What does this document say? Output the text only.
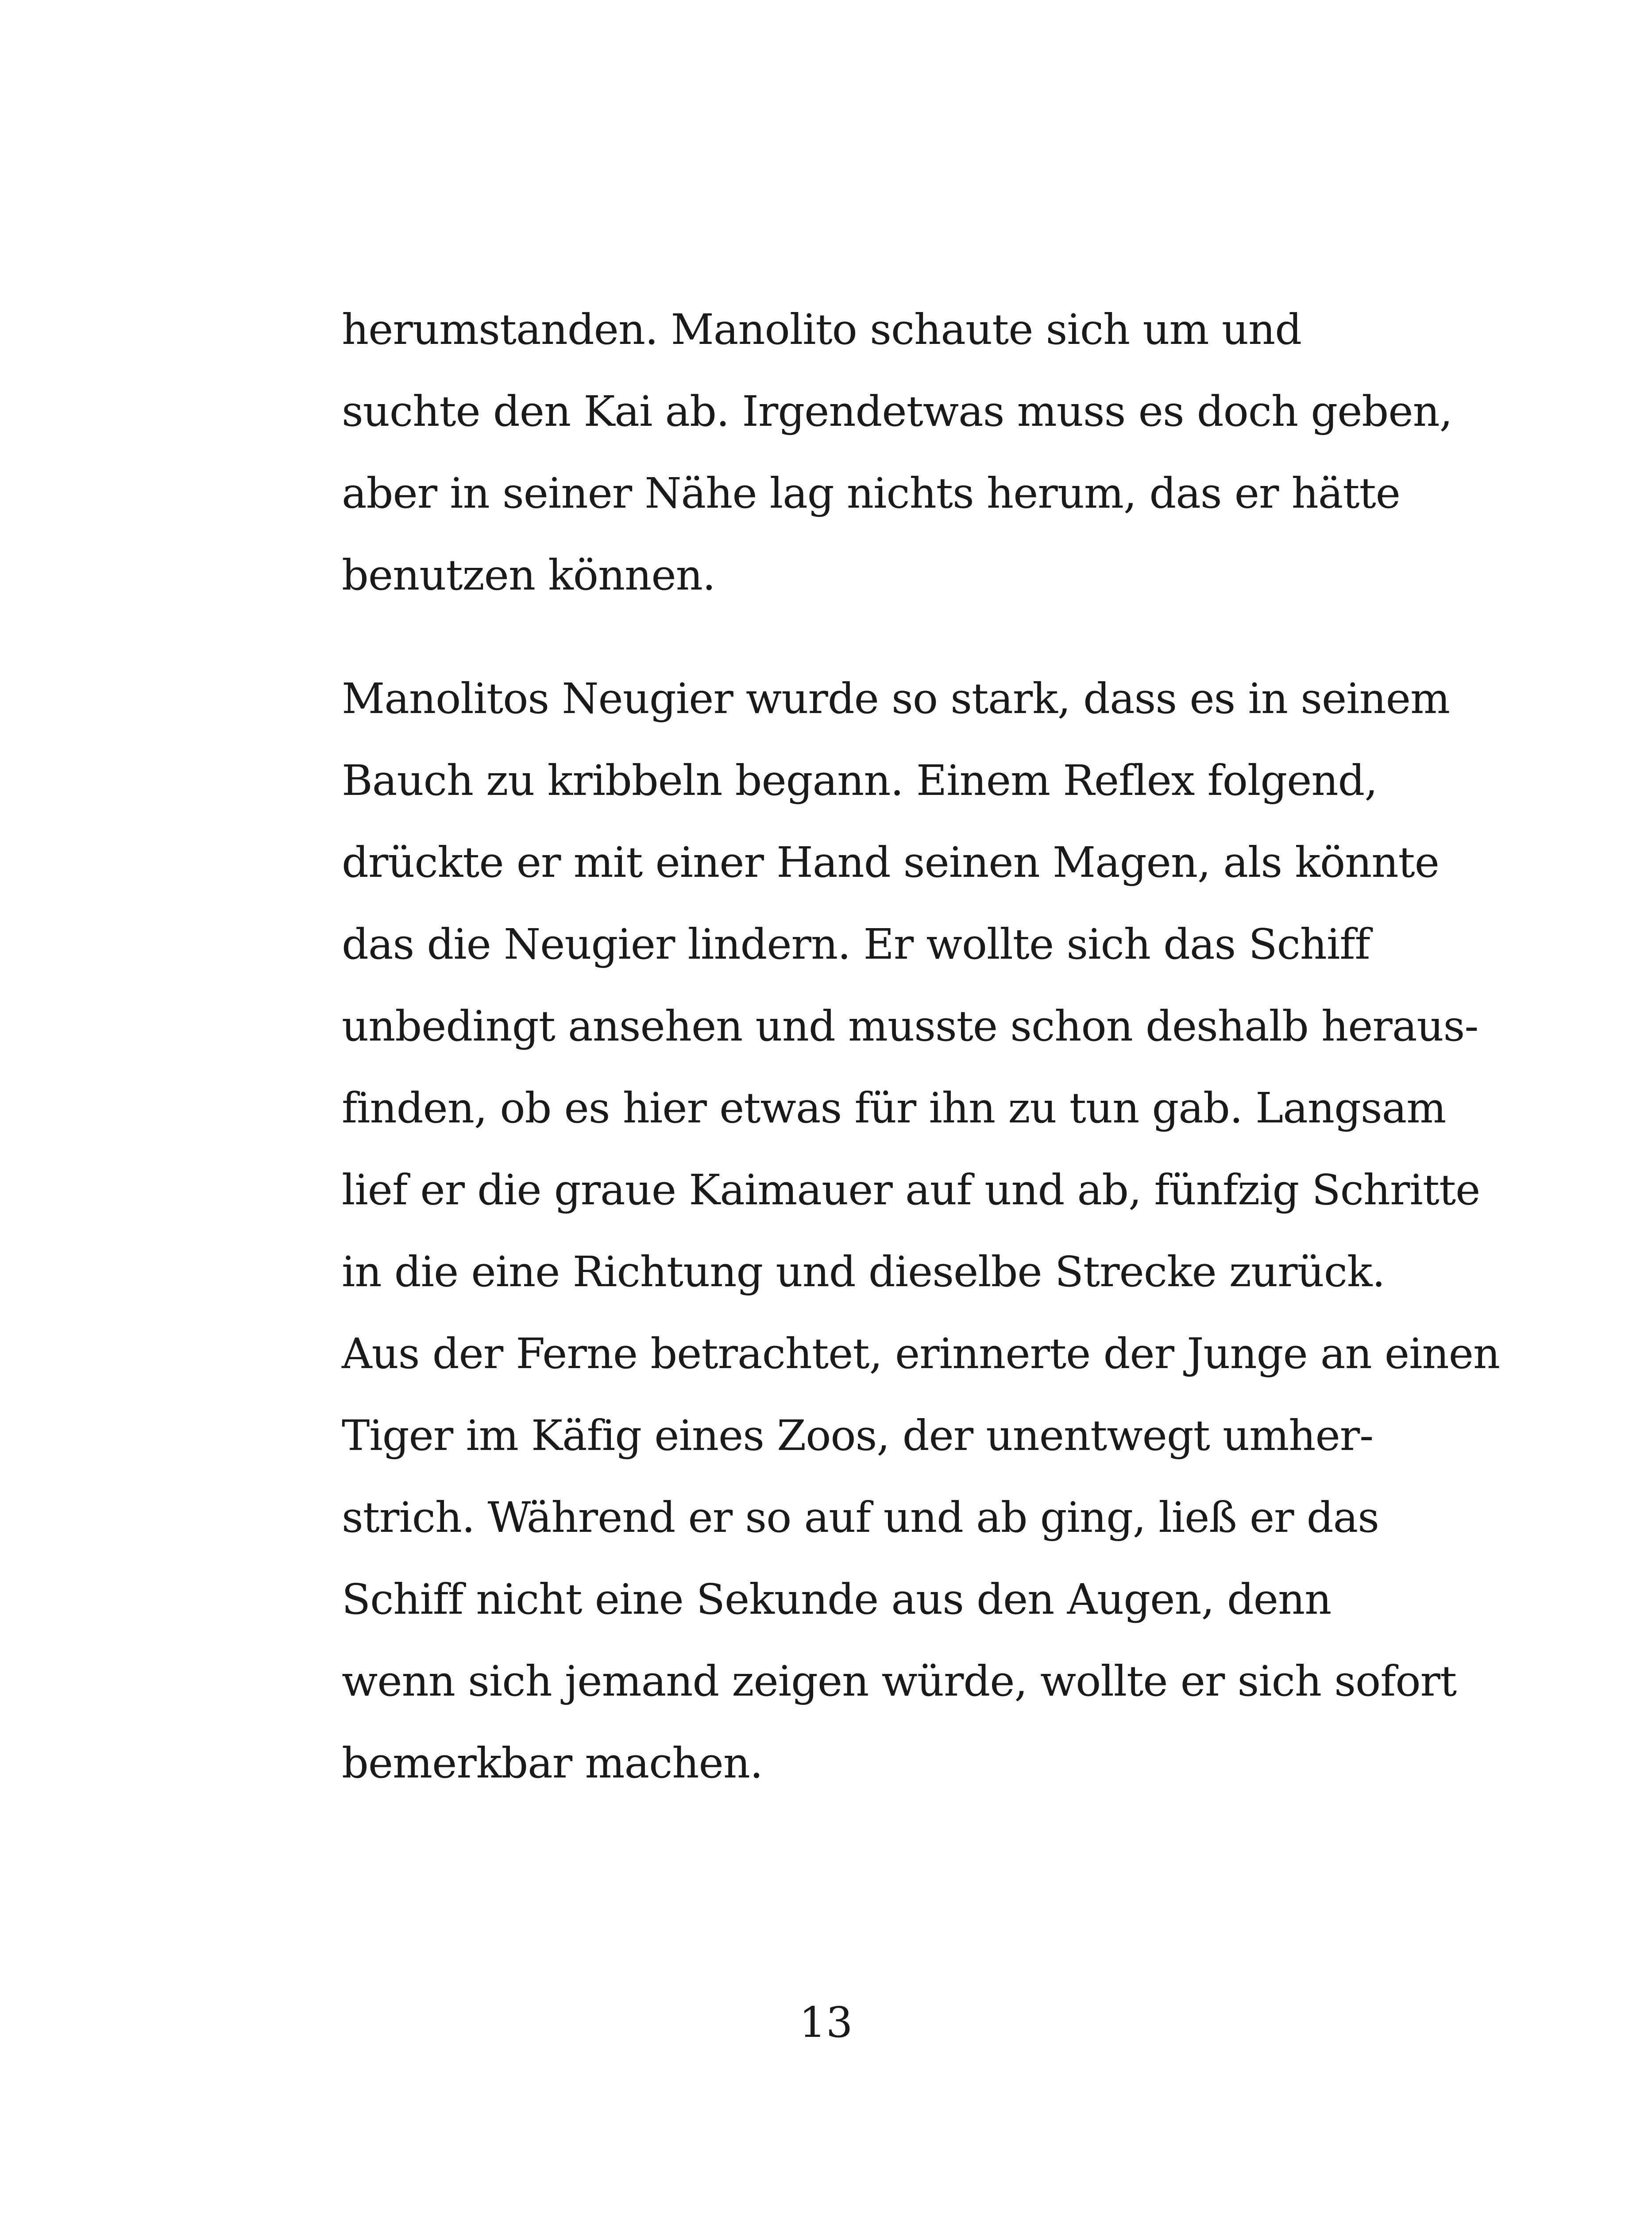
herumstanden. Manolito schaute sich um und
suchte den Kai ab. Irgendetwas muss es doch geben,
aber in seiner Nähe lag nichts herum, das er hätte
benutzen können.
Manolitos Neugier wurde so stark, dass es in seinem
Bauch zu kribbeln begann. Einem Reflex folgend,
drückte er mit einer Hand seinen Magen, als könnte
das die Neugier lindern. Er wollte sich das Schiff
unbedingt ansehen und musste schon deshalb heraus-
finden, ob es hier etwas für ihn zu tun gab. Langsam
lief er die graue Kaimauer auf und ab, fünfzig Schritte
in die eine Richtung und dieselbe Strecke zurück.
Aus der Ferne betrachtet, erinnerte der Junge an einen
Tiger im Käfig eines Zoos, der unentwegt umher-
strich. Während er so auf und ab ging, ließ er das
Schiff nicht eine Sekunde aus den Augen, denn
wenn sich jemand zeigen würde, wollte er sich sofort
bemerkbar machen.
13
